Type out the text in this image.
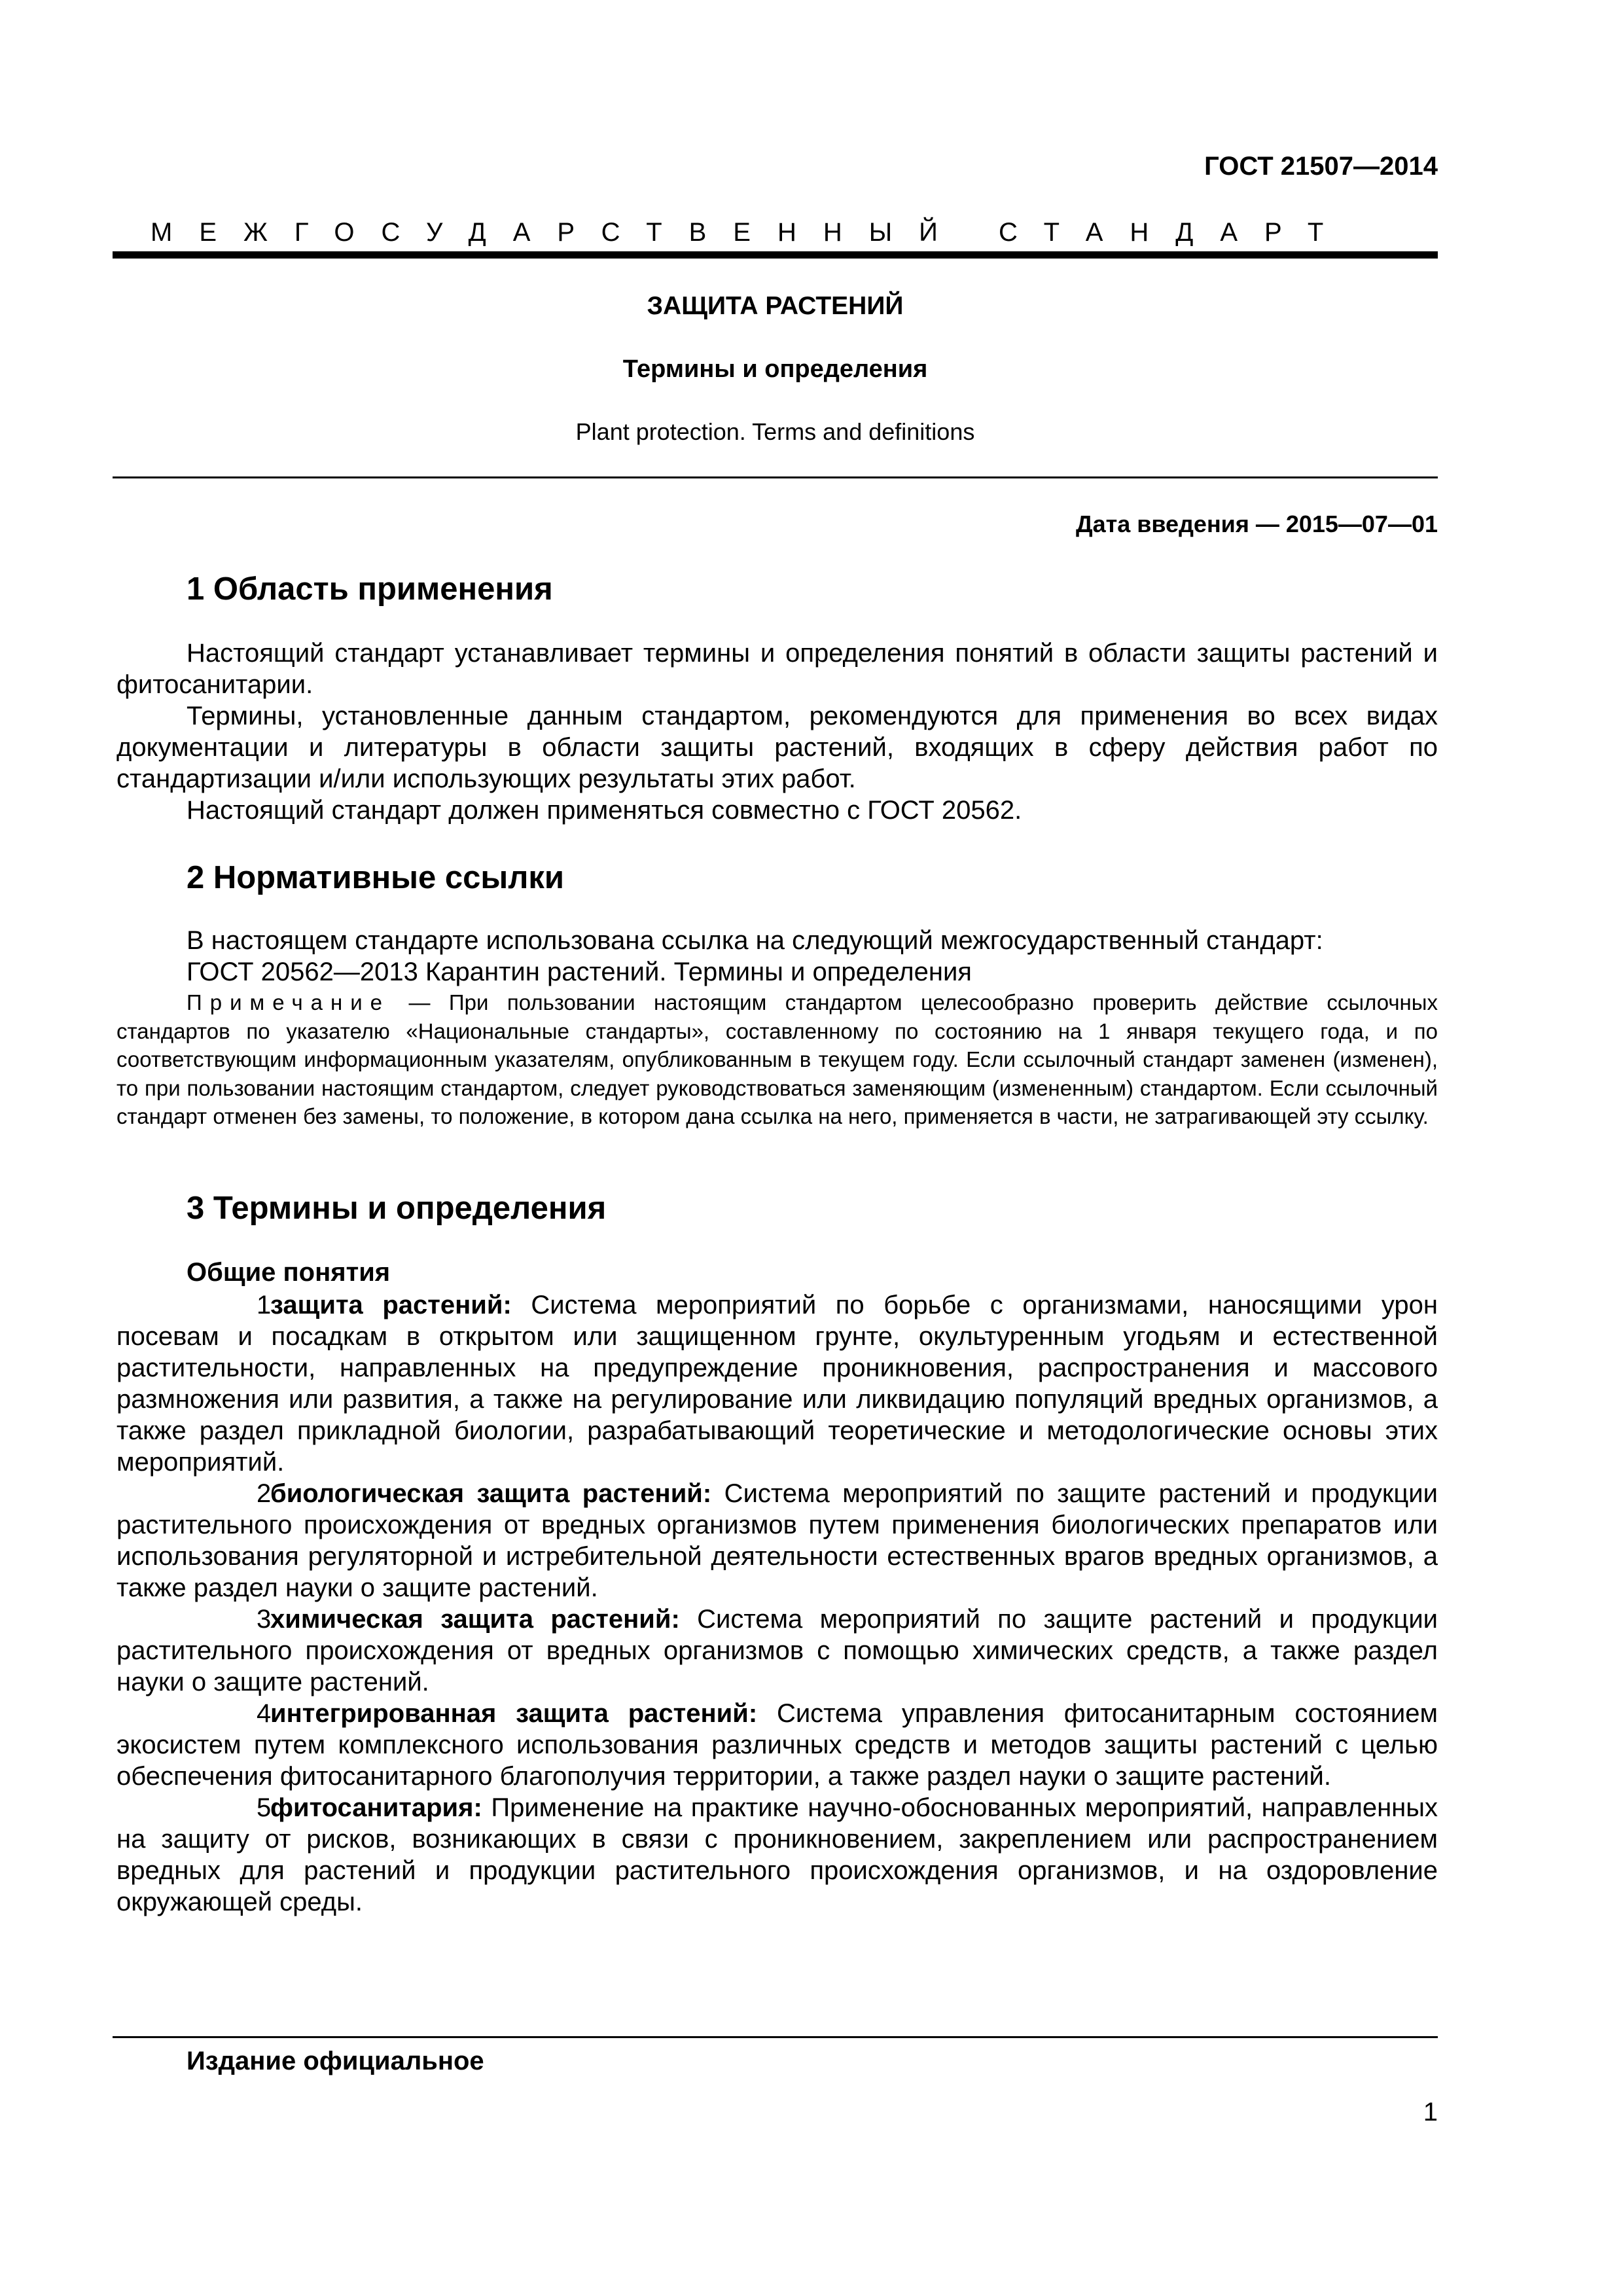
ГОСТ 21507—2014
МЕЖГОСУДАРСТВЕННЫЙ СТАНДАРТ
ЗАЩИТА РАСТЕНИЙ
Термины и определения
Plant protection. Terms and definitions
Дата введения — 2015—07—01
1 Область применения

Настоящий стандарт устанавливает термины и определения понятий в области защиты растений и фитосанитарии.

Термины, установленные данным стандартом, рекомендуются для применения во всех видах документации и литературы в области защиты растений, входящих в сферу действия работ по стандартизации и/или использующих результаты этих работ.

Настоящий стандарт должен применяться совместно с ГОСТ 20562.

2 Нормативные ссылки

В настоящем стандарте использована ссылка на следующий межгосударственный стандарт:

ГОСТ 20562—2013 Карантин растений. Термины и определения

Примечание — При пользовании настоящим стандартом целесообразно проверить действие ссылочных стандартов по указателю «Национальные стандарты», составленному по состоянию на 1 января текущего года, и по соответствующим информационным указателям, опубликованным в текущем году. Если ссылочный стандарт заменен (изменен), то при пользовании настоящим стандартом, следует руководствоваться заменяющим (измененным) стандартом. Если ссылочный стандарт отменен без замены, то положение, в котором дана ссылка на него, применяется в части, не затрагивающей эту ссылку.

3 Термины и определения
Общие понятия

1защита растений: Система мероприятий по борьбе с организмами, наносящими урон посевам и посадкам в открытом или защищенном грунте, окультуренным угодьям и естественной растительности, направленных на предупреждение проникновения, распространения и массового размножения или развития, а также на регулирование или ликвидацию популяций вредных организмов, а также раздел прикладной биологии, разрабатывающий теоретические и методологические основы этих мероприятий.

2биологическая защита растений: Система мероприятий по защите растений и продукции растительного происхождения от вредных организмов путем применения биологических препаратов или использования регуляторной и истребительной деятельности естественных врагов вредных организмов, а также раздел науки о защите растений.

3химическая защита растений: Система мероприятий по защите растений и продукции растительного происхождения от вредных организмов с помощью химических средств, а также раздел науки о защите растений.

4интегрированная защита растений: Система управления фитосанитарным состоянием экосистем путем комплексного использования различных средств и методов защиты растений с целью обеспечения фитосанитарного благополучия территории, а также раздел науки о защите растений.

5фитосанитария: Применение на практике научно-обоснованных мероприятий, направленных на защиту от рисков, возникающих в связи с проникновением, закреплением или распространением вредных для растений и продукции растительного происхождения организмов, и на оздоровление окружающей среды.

Издание официальное
1
